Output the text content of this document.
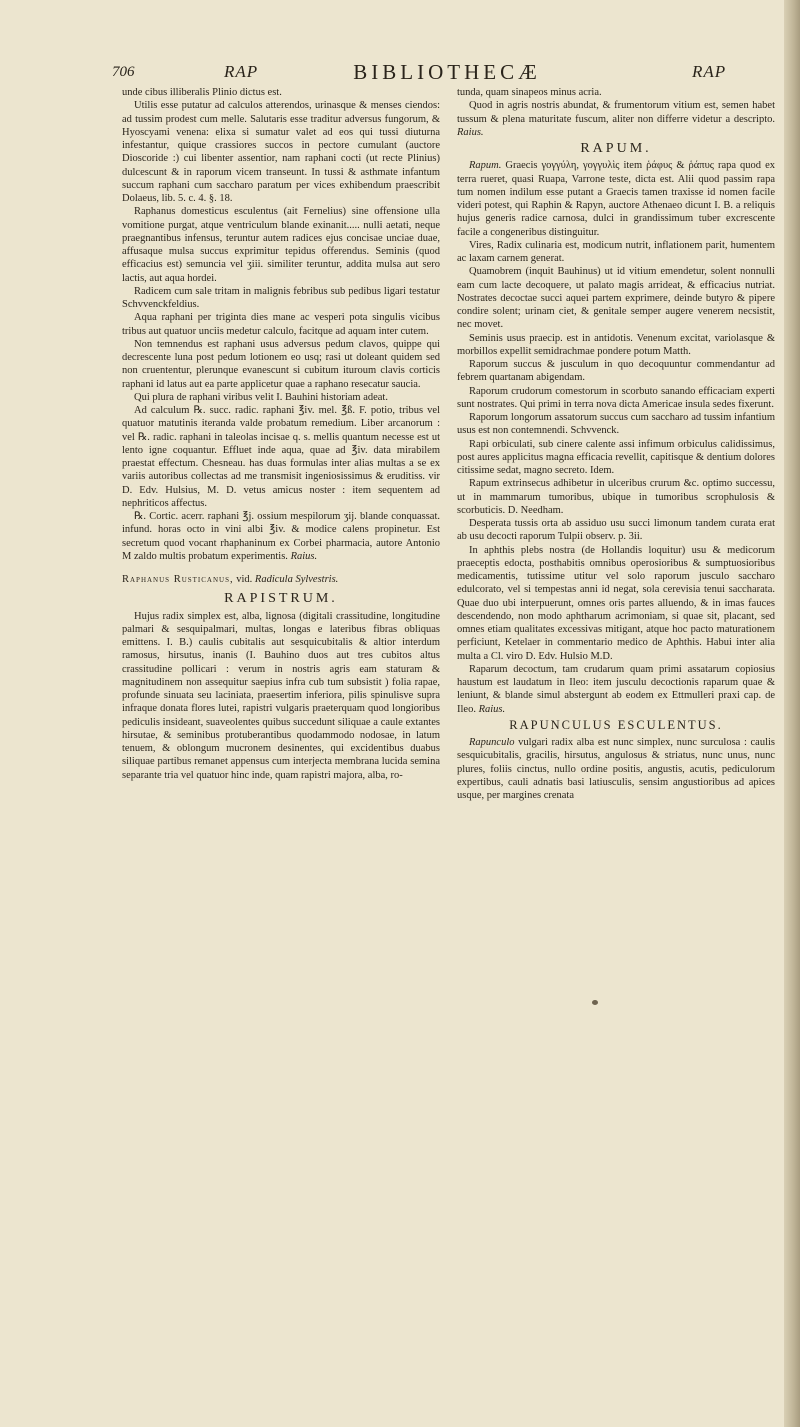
706	RAP	BIBLIOTHECÆ	RAP

unde cibus illiberalis Plinio dictus est.

Utilis esse putatur ad calculos atterendos, urinasque & menses ciendos: ad tussim prodest cum melle. Salutaris esse traditur adversus fungorum, & Hyoscyami venena: elixa si sumatur valet ad eos qui tussi diuturna infestantur, quique crassiores succos in pectore cumulant (auctore Dioscoride :) cui libenter assentior, nam raphani cocti (ut recte Plinius) dulcescunt & in raporum vicem transeunt. In tussi & asthmate infantum succum raphani cum saccharo paratum per vices exhibendum praescribit Dolaeus, lib. 5. c. 4. §. 18.

Raphanus domesticus esculentus (ait Fernelius) sine offensione ulla vomitione purgat, atque ventriculum blande exinanit..... nulli aetati, neque praegnantibus infensus, teruntur autem radices ejus concisae unciae duae, affusaque mulsa succus exprimitur tepidus offerendus. Seminis (quod efficacius est) semuncia vel ʒiii. similiter teruntur, addita mulsa aut sero lactis, aut aqua hordei.

Radicem cum sale tritam in malignis febribus sub pedibus ligari testatur Schvvenckfeldius.

Aqua raphani per triginta dies mane ac vesperi pota singulis vicibus tribus aut quatuor unciis medetur calculo, facitque ad aquam inter cutem.

Non temnendus est raphani usus adversus pedum clavos, quippe qui decrescente luna post pedum lotionem eo usq; rasi ut doleant quidem sed non cruententur, plerunque evanescunt si cubitum ituroum clavis corticis raphani id latus aut ea parte applicetur quae a raphano resecatur saucia.

Qui plura de raphani viribus velit I. Bauhini historiam adeat.

Ad calculum ℞. succ. radic. raphani ℥iv. mel. ℥ß. F. potio, tribus vel quatuor matutinis iteranda valde probatum remedium. Liber arcanorum : vel ℞. radic. raphani in taleolas incisae q. s. mellis quantum necesse est ut lento igne coquantur. Effluet inde aqua, quae ad ℥iv. data mirabilem praestat effectum. Chesneau. has duas formulas inter alias multas a se ex variis autoribus collectas ad me transmisit ingeniosissimus & eruditiss. vir D. Edv. Hulsius, M. D. vetus amicus noster : item sequentem ad nephriticos affectus.

℞. Cortic. acerr. raphani ℥j. ossium mespilorum ʒij. blande conquassat. infund. horas octo in vini albi ℥iv. & modice calens propinetur. Est secretum quod vocant rhaphaninum ex Corbei pharmacia, autore Antonio M zaldo multis probatum experimentis. Raius.

Raphanus Rusticanus, vid. Radicula Sylvestris.

RAPISTRUM.

Hujus radix simplex est, alba, lignosa (digitali crassitudine, longitudine palmari & sesquipalmari, multas, longas e lateribus fibras obliquas emittens. I. B.) caulis cubitalis aut sesquicubitalis & altior interdum ramosus, hirsutus, inanis (I. Bauhino duos aut tres cubitos altus crassitudine pollicari : verum in nostris agris eam staturam & magnitudinem non assequitur saepius infra cub tum subsistit ) folia rapae, profunde sinuata seu laciniata, praesertim inferiora, pilis spinulisve supra infraque donata flores lutei, rapistri vulgaris praeterquam quod longioribus pediculis insideant, suaveolentes quibus succedunt siliquae a caule extantes hirsutae, & seminibus protuberantibus quodammodo nodosae, in latum tenuem, & oblongum mucronem desinentes, qui excidentibus duabus siliquae partibus remanet appensus cum interjecta membrana lucida semina separante tria vel quatuor hinc inde, quam rapistri majora, alba, ro-

tunda, quam sinapeos minus acria.

Quod in agris nostris abundat, & frumentorum vitium est, semen habet tussum & plena maturitate fuscum, aliter non differre videtur a descripto. Raius.

RAPUM.

Rapum. Graecis γογγύλη, γογγυλὶς item ῥάφυς & ῥάπυς rapa quod ex terra rueret, quasi Ruapa, Varrone teste, dicta est. Alii quod passim rapa tum nomen indilum esse putant a Graecis tamen traxisse id nomen facile videri potest, qui Raphin & Rapyn, auctore Athenaeo dicunt I. B. a reliquis hujus generis radice carnosa, dulci in grandissimum tuber excrescente facile a congeneribus distinguitur.

Vires, Radix culinaria est, modicum nutrit, inflationem parit, humentem ac laxam carnem generat.

Quamobrem (inquit Bauhinus) ut id vitium emendetur, solent nonnulli eam cum lacte decoquere, ut palato magis arrideat, & efficacius nutriat. Nostrates decoctae succi aquei partem exprimere, deinde butyro & pipere condire solent; urinam ciet, & genitale semper augere venerem necsistit, nec movet.

Seminis usus praecip. est in antidotis. Venenum excitat, variolasque & morbillos expellit semidrachmae pondere potum Matth.

Raporum succus & jusculum in quo decoquuntur commendantur ad febrem quartanam abigendam.

Raporum crudorum comestorum in scorbuto sanando efficaciam experti sunt nostrates. Qui primi in terra nova dicta Americae insula sedes fixerunt.

Raporum longorum assatorum succus cum saccharo ad tussim infantium usus est non contemnendi. Schvvenck.

Rapi orbiculati, sub cinere calente assi infimum orbiculus calidissimus, post aures applicitus magna efficacia revellit, capitisque & dentium dolores citissime sedat, magno secreto. Idem.

Rapum extrinsecus adhibetur in ulceribus crurum &c. optimo successu, ut in mammarum tumoribus, ubique in tumoribus scrophulosis & scorbuticis. D. Needham.

Desperata tussis orta ab assiduo usu succi limonum tandem curata erat ab usu decocti raporum Tulpii observ. p. 3ii.

In aphthis plebs nostra (de Hollandis loquitur) usu & medicorum praeceptis edocta, posthabitis omnibus operosioribus & sumptuosioribus medicamentis, tutissime utitur vel solo raporum jusculo saccharo edulcorato, vel si tempestas anni id negat, sola cerevisia tenui saccharata. Quae duo ubi interpuerunt, omnes oris partes alluendo, & in imas fauces descendendo, non modo aphtharum acrimoniam, si quae sit, placant, sed omnes etiam qualitates excessivas mitigant, atque hoc pacto maturationem perficiunt, Ketelaer in commentario medico de Aphthis. Habui inter alia multa a Cl. viro D. Edv. Hulsio M.D.

Raparum decoctum, tam crudarum quam primi assatarum copiosius haustum est laudatum in Ileo: item jusculu decoctionis raparum quae & leniunt, & blande simul abstergunt ab eodem ex Ettmulleri praxi cap. de Ileo. Raius.

RAPUNCULUS ESCULENTUS.

Rapunculo vulgari radix alba est nunc simplex, nunc surculosa : caulis sesquicubitalis, gracilis, hirsutus, angulosus & striatus, nunc unus, nunc plures, foliis cinctus, nullo ordine positis, angustis, acutis, pediculorum expertibus, cauli adnatis basi latiusculis, sensim angustioribus ad apices usque, per margines crenata
